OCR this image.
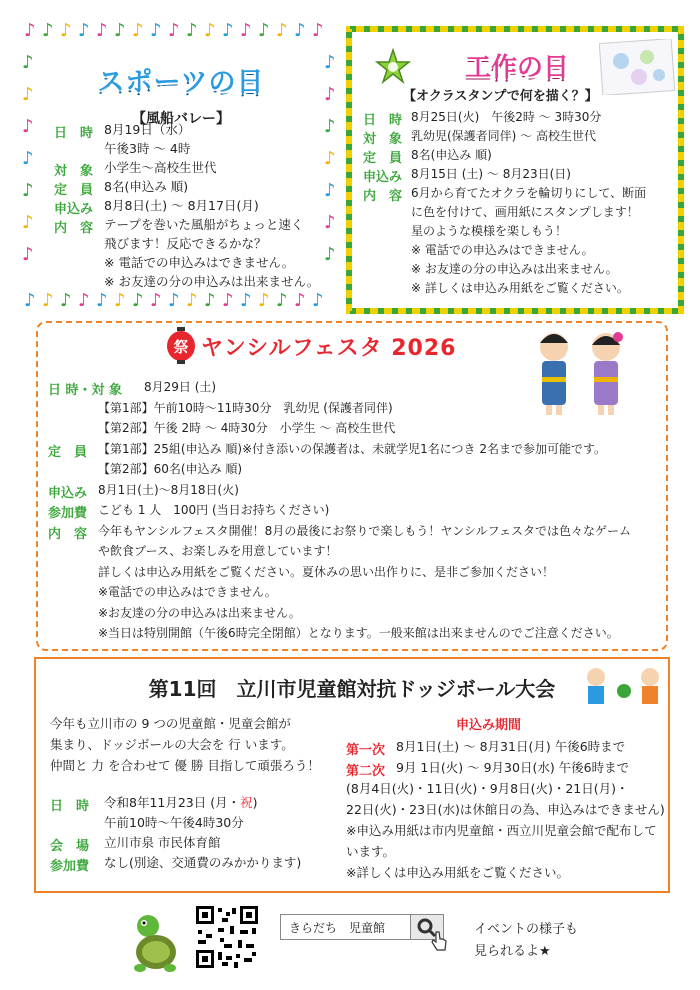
♪ ♪ ♪ ♪ ♪ ♪ ♪ ♪ ♪ ♪ ♪ ♪ ♪ ♪ ♪ ♪ ♪
♪ ♪ ♪ ♪ ♪ ♪ ♪ ♪ ♪ ♪ ♪ ♪ ♪ ♪ ♪ ♪ ♪
♪
♪
♪
♪
♪
♪
♪
♪
♪
♪
♪
♪
♪
♪
スポーツの日
【風船バレー】
日　時 8月19日（水）
午後3時 ～ 4時
対　象 小学生～高校生世代
定　員 8名(申込み 順)
申込み 8月8日(土) ～ 8月17日(月)
内　容 テープを巻いた風船がちょっと速く
飛びます！反応できるかな？
※ 電話での申込みはできません。
※ お友達の分の申込みは出来ません。
工作の日
【オクラスタンプで何を描く？】
日　時 8月25日(火)　午後2時 ～ 3時30分
対　象 乳幼児(保護者同伴) ～ 高校生世代
定　員 8名(申込み 順)
申込み 8月15日 (土) ～ 8月23日(日)
内　容 6月から育てたオクラを輪切りにして、断面
に色を付けて、画用紙にスタンプします！
星のような模様を楽しもう！
※ 電話での申込みはできません。
※ お友達の分の申込みは出来ません。
※ 詳しくは申込み用紙をご覧ください。
祭 ヤンシルフェスタ 2026
日 時・対 象 8月29日 (土)
【第1部】午前10時～11時30分　乳幼児 (保護者同伴)
【第2部】午後 2時 ～ 4時30分　小学生 ～ 高校生世代
定　員 【第1部】25組(申込み 順)※付き添いの保護者は、未就学児1名につき 2名まで参加可能です。
【第2部】60名(申込み 順)
申込み 8月1日(土)～8月18日(火)
参加費 こども 1 人　100円 (当日お持ちください)
内　容 今年もヤンシルフェスタ開催！8月の最後にお祭りで楽しもう！ヤンシルフェスタでは色々なゲーム
や飲食ブース、お楽しみを用意しています！
詳しくは申込み用紙をご覧ください。夏休みの思い出作りに、是非ご参加ください！
※電話での申込みはできません。
※お友達の分の申込みは出来ません。
※当日は特別開館（午後6時完全閉館）となります。一般来館は出来ませんのでご注意ください。
第11回　立川市児童館対抗ドッジボール大会
今年も立川市の 9 つの児童館・児童会館が
集まり、ドッジボールの大会を 行 います。
仲間と 力 を合わせて 優 勝 目指して頑張ろう！
日　時 令和8年11月23日 (月・祝)
午前10時～午後4時30分
会　場 立川市泉 市民体育館
参加費 なし(別途、交通費のみかかります)
申込み期間
第一次 8月1日(土) ～ 8月31日(月) 午後6時まで
第二次 9月 1日(火) ～ 9月30日(水) 午後6時まで
(8月4日(火)・11日(火)・9月8日(火)・21日(月)・
22日(火)・23日(水)は休館日の為、申込みはできません)
※申込み用紙は市内児童館・西立川児童会館で配布して
います。
※詳しくは申込み用紙をご覧ください。
きらだち　児童館	イベントの様子も
見られるよ★
